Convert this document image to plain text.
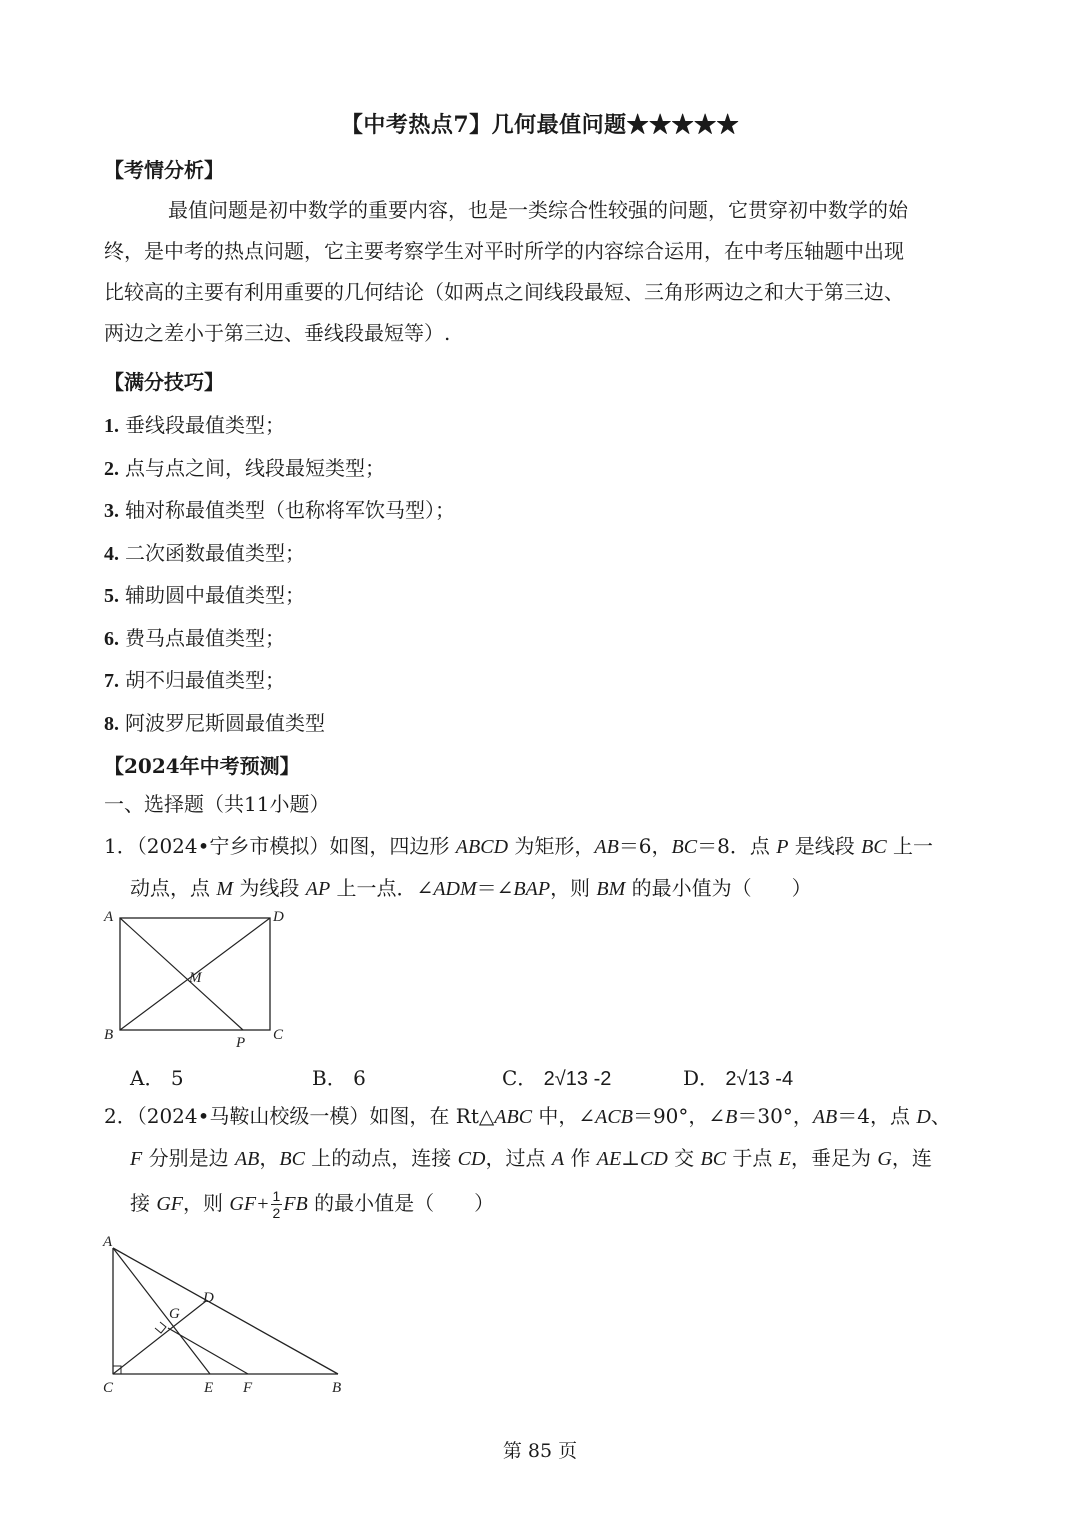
【中考热点7】几何最值问题★★★★★
【考情分析】
最值问题是初中数学的重要内容，也是一类综合性较强的问题，它贯穿初中数学的始
终，是中考的热点问题，它主要考察学生对平时所学的内容综合运用，在中考压轴题中出现
比较高的主要有利用重要的几何结论（如两点之间线段最短、三角形两边之和大于第三边、
两边之差小于第三边、垂线段最短等）.
【满分技巧】
1. 垂线段最值类型；
2. 点与点之间，线段最短类型；
3. 轴对称最值类型（也称将军饮马型）；
4. 二次函数最值类型；
5. 辅助圆中最值类型；
6. 费马点最值类型；
7. 胡不归最值类型；
8. 阿波罗尼斯圆最值类型
【2024年中考预测】
一、选择题（共11小题）
1．（2024•宁乡市模拟）如图，四边形 ABCD 为矩形，AB＝6，BC＝8．点 P 是线段 BC 上一
动点，点 M 为线段 AP 上一点．∠ADM＝∠BAP，则 BM 的最小值为（　　）
A	D
B	C
M
P
A． 5	B． 6	C． 2√13 -2	D． 2√13 -4
2．（2024•马鞍山校级一模）如图，在 Rt△ABC 中，∠ACB＝90°，∠B＝30°，AB＝4，点 D、
F 分别是边 AB，BC 上的动点，连接 CD，过点 A 作 AE⊥CD 交 BC 于点 E，垂足为 G，连
接 GF，则 $GF+ \frac{1}{2}$ FB 的最小值是（　　）
A
D
G
C	E F	B
第 85 页
